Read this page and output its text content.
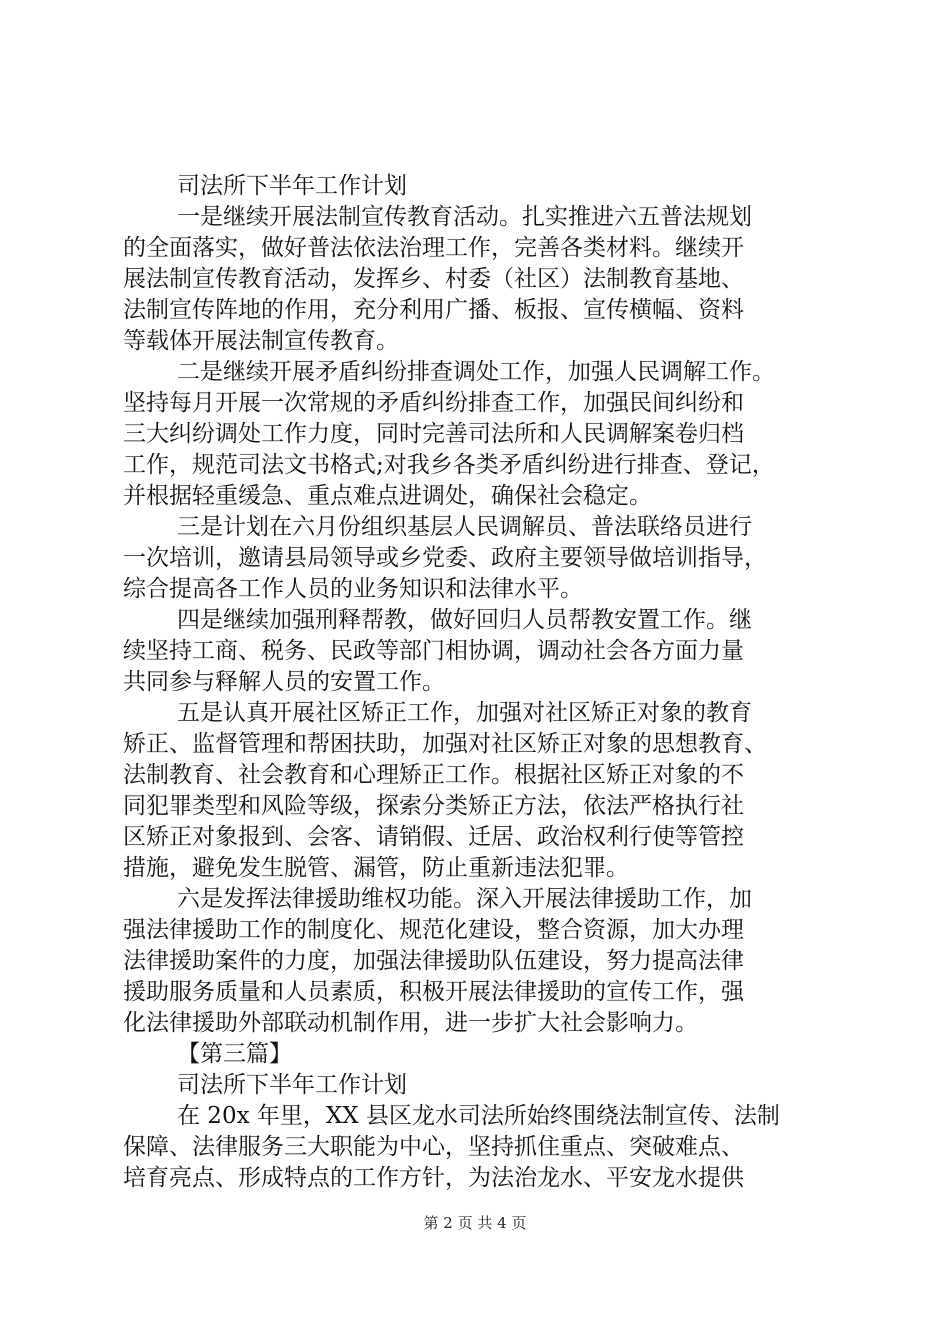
司法所下半年工作计划
一是继续开展法制宣传教育活动。扎实推进六五普法规划
的全面落实，做好普法依法治理工作，完善各类材料。继续开
展法制宣传教育活动，发挥乡、村委（社区）法制教育基地、
法制宣传阵地的作用，充分利用广播、板报、宣传横幅、资料
等载体开展法制宣传教育。
二是继续开展矛盾纠纷排查调处工作，加强人民调解工作。
坚持每月开展一次常规的矛盾纠纷排查工作，加强民间纠纷和
三大纠纷调处工作力度，同时完善司法所和人民调解案卷归档
工作，规范司法文书格式;对我乡各类矛盾纠纷进行排查、登记，
并根据轻重缓急、重点难点进调处，确保社会稳定。
三是计划在六月份组织基层人民调解员、普法联络员进行
一次培训，邀请县局领导或乡党委、政府主要领导做培训指导，
综合提高各工作人员的业务知识和法律水平。
四是继续加强刑释帮教，做好回归人员帮教安置工作。继
续坚持工商、税务、民政等部门相协调，调动社会各方面力量
共同参与释解人员的安置工作。
五是认真开展社区矫正工作，加强对社区矫正对象的教育
矫正、监督管理和帮困扶助，加强对社区矫正对象的思想教育、
法制教育、社会教育和心理矫正工作。根据社区矫正对象的不
同犯罪类型和风险等级，探索分类矫正方法，依法严格执行社
区矫正对象报到、会客、请销假、迁居、政治权利行使等管控
措施，避免发生脱管、漏管，防止重新违法犯罪。
六是发挥法律援助维权功能。深入开展法律援助工作，加
强法律援助工作的制度化、规范化建设，整合资源，加大办理
法律援助案件的力度，加强法律援助队伍建设，努力提高法律
援助服务质量和人员素质，积极开展法律援助的宣传工作，强
化法律援助外部联动机制作用，进一步扩大社会影响力。
【第三篇】
司法所下半年工作计划
在 20x 年里，XX 县区龙水司法所始终围绕法制宣传、法制
保障、法律服务三大职能为中心，坚持抓住重点、突破难点、
培育亮点、形成特点的工作方针，为法治龙水、平安龙水提供
第 2 页 共 4 页
